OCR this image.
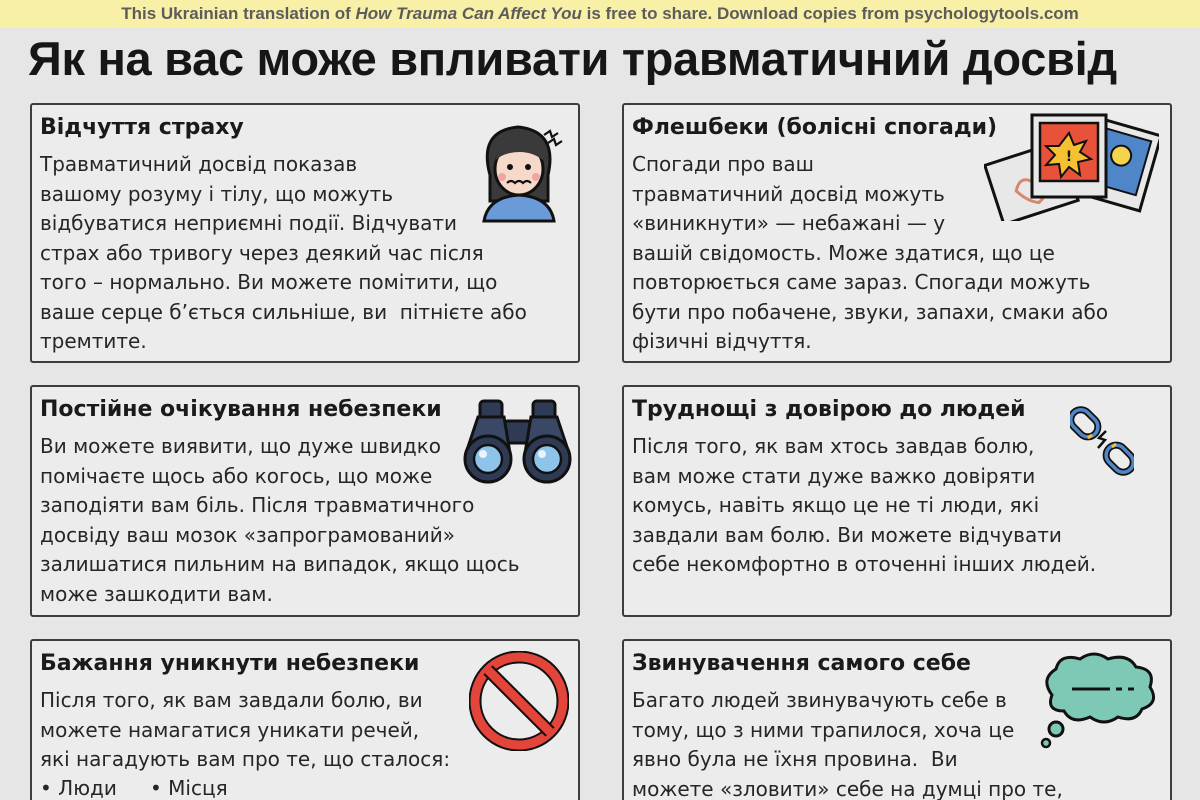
This Ukrainian translation of How Trauma Can Affect You is free to share. Download copies from psychologytools.com
Як на вас може впливати травматичний досвід
Відчуття страху
Травматичний досвід показав
вашому розуму і тілу, що можуть
відбуватися неприємні події. Відчувати
страх або тривогу через деякий час після
того – нормально. Ви можете помітити, що
ваше серце б’ється сильніше, ви  пітнієте або
тремтите.
Флешбеки (болісні спогади)
Спогади про ваш
травматичний досвід можуть
«виникнути» — небажані — у
вашій свідомость. Може здатися, що це
повторюється саме зараз. Спогади можуть
бути про побачене, звуки, запахи, смаки або
фізичні відчуття.
!
Постійне очікування небезпеки
Ви можете виявити, що дуже швидко
помічаєте щось або когось, що може
заподіяти вам біль. Після травматичного
досвіду ваш мозок «запрограмований»
залишатися пильним на випадок, якщо щось
може зашкодити вам.
Труднощі з довірою до людей
Після того, як вам хтось завдав болю,
вам може стати дуже важко довіряти
комусь, навіть якщо це не ті люди, які
завдали вам болю. Ви можете відчувати
себе некомфортно в оточенні інших людей.
Бажання уникнути небезпеки
Після того, як вам завдали болю, ви
можете намагатися уникати речей,
які нагадують вам про те, що сталося:
• Люди • Місця
Звинувачення самого себе
Багато людей звинувачують себе в
тому, що з ними трапилося, хоча це
явно була не їхня провина.  Ви
можете «зловити» себе на думці про те,
